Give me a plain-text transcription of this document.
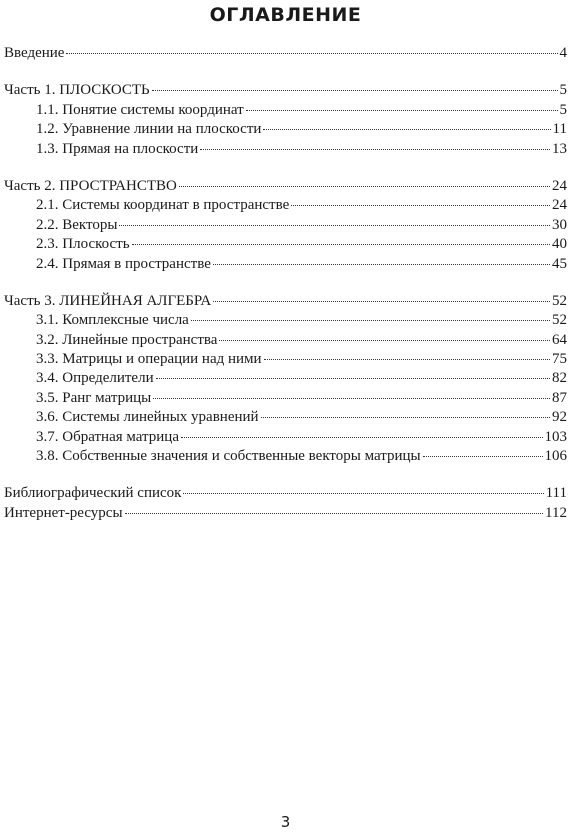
ОГЛАВЛЕНИЕ
Введение	4
Часть 1. ПЛОСКОСТЬ	5
1.1. Понятие системы координат	5
1.2. Уравнение линии на плоскости	11
1.3. Прямая на плоскости	13
Часть 2. ПРОСТРАНСТВО	24
2.1. Системы координат в пространстве	24
2.2. Векторы	30
2.3. Плоскость	40
2.4. Прямая в пространстве	45
Часть 3. ЛИНЕЙНАЯ АЛГЕБРА	52
3.1. Комплексные числа	52
3.2. Линейные пространства	64
3.3. Матрицы и операции над ними	75
3.4. Определители	82
3.5. Ранг матрицы	87
3.6. Системы линейных уравнений	92
3.7. Обратная матрица	103
3.8. Собственные значения и собственные векторы матрицы	106
Библиографический список	111
Интернет-ресурсы	112
3
